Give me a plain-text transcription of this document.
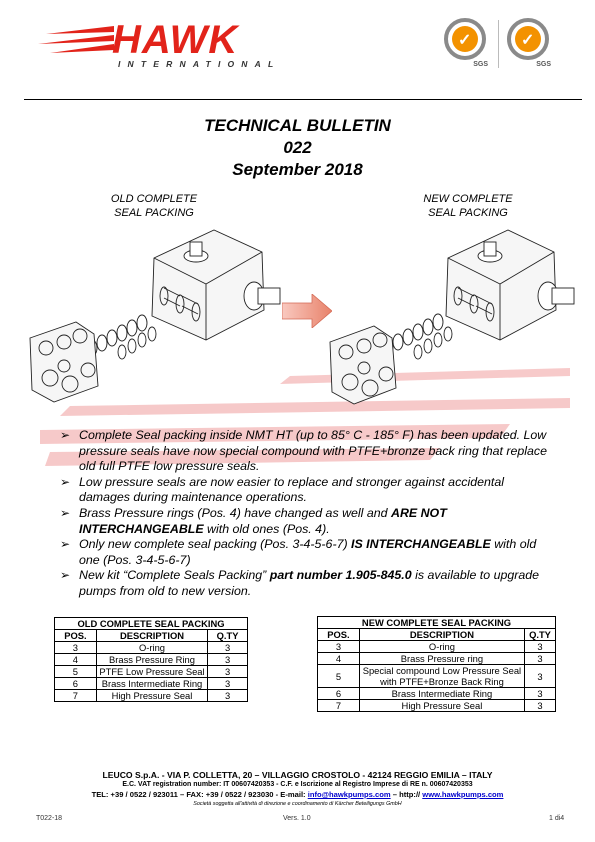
HAWK
INTERNATIONAL
✓
SGS
✓
SGS
TECHNICAL BULLETIN
022
September 2018
OLD COMPLETE
SEAL PACKING
NEW COMPLETE
SEAL PACKING
➢ Complete Seal packing inside NMT HT (up to 85° C - 185° F) has been updated. Low pressure seals have now special compound with PTFE+bronze back ring that replace old full PTFE low pressure seals.
➢ Low pressure seals are now easier to replace and stronger against accidental damages during maintenance operations.
➢ Brass Pressure rings (Pos. 4) have changed as well and ARE NOT INTERCHANGEABLE with old ones (Pos. 4).
➢ Only new complete seal packing (Pos. 3-4-5-6-7) IS INTERCHANGEABLE with old one (Pos. 3-4-5-6-7)
➢ New kit “Complete Seals Packing” part number 1.905-845.0 is available to upgrade pumps from old to new version.
OLD COMPLETE SEAL PACKING		
POS.	DESCRIPTION	Q.TY
3	O-ring	3
4	Brass Pressure Ring	3
5	PTFE Low Pressure Seal	3
6	Brass Intermediate Ring	3
7	High Pressure Seal	3
NEW COMPLETE SEAL PACKING		
POS.	DESCRIPTION	Q.TY
3	O-ring	3
4	Brass Pressure ring	3
5	Special compound Low Pressure Seal with PTFE+Bronze Back Ring	3
6	Brass Intermediate Ring	3
7	High Pressure Seal	3
LEUCO S.p.A. - VIA P. COLLETTA, 20 – VILLAGGIO CROSTOLO - 42124 REGGIO EMILIA – ITALY
E.C. VAT registration number: IT 00607420353 - C.F. e Iscrizione al Registro Imprese di RE n. 00607420353
TEL: +39 / 0522 / 923011 – FAX: +39 / 0522 / 923030 - E-mail: info@hawkpumps.com – http:// www.hawkpumps.com
Società soggetta all'attività di direzione e coordinamento di Kärcher Beteiligungs GmbH
T022-18	Vers. 1.0	1 di4
